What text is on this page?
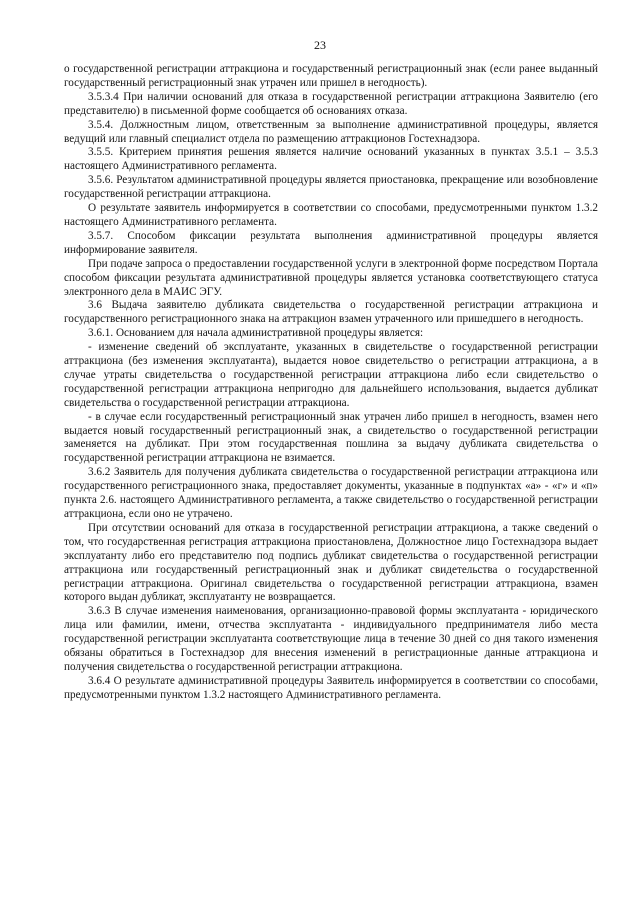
23

о государственной регистрации аттракциона и государственный регистрационный знак (если ранее выданный государственный регистрационный знак утрачен или пришел в негодность).

3.5.3.4 При наличии оснований для отказа в государственной регистрации аттракциона Заявителю (его представителю) в письменной форме сообщается об основаниях отказа.

3.5.4. Должностным лицом, ответственным за выполнение административной процедуры, является ведущий или главный специалист отдела по размещению аттракционов Гостехнадзора.

3.5.5. Критерием принятия решения является наличие оснований указанных в пунктах 3.5.1 – 3.5.3 настоящего Административного регламента.

3.5.6. Результатом административной процедуры является приостановка, прекращение или возобновление государственной регистрации аттракциона.

О результате заявитель информируется в соответствии со способами, предусмотренными пунктом 1.3.2 настоящего Административного регламента.

3.5.7. Способом фиксации результата выполнения административной процедуры является информирование заявителя.

При подаче запроса о предоставлении государственной услуги в электронной форме посредством Портала способом фиксации результата административной процедуры является установка соответствующего статуса электронного дела в МАИС ЭГУ.

3.6 Выдача заявителю дубликата свидетельства о государственной регистрации аттракциона и государственного регистрационного знака на аттракцион взамен утраченного или пришедшего в негодность.

3.6.1. Основанием для начала административной процедуры является:

- изменение сведений об эксплуатанте, указанных в свидетельстве о государственной регистрации аттракциона (без изменения эксплуатанта), выдается новое свидетельство о регистрации аттракциона, а в случае утраты свидетельства о государственной регистрации аттракциона либо если свидетельство о государственной регистрации аттракциона непригодно для дальнейшего использования, выдается дубликат свидетельства о государственной регистрации аттракциона.

- в случае если государственный регистрационный знак утрачен либо пришел в негодность, взамен него выдается новый государственный регистрационный знак, а свидетельство о государственной регистрации заменяется на дубликат. При этом государственная пошлина за выдачу дубликата свидетельства о государственной регистрации аттракциона не взимается.

3.6.2 Заявитель для получения дубликата свидетельства о государственной регистрации аттракциона или государственного регистрационного знака, предоставляет документы, указанные в подпунктах «а» - «г» и «п» пункта 2.6. настоящего Административного регламента, а также свидетельство о государственной регистрации аттракциона, если оно не утрачено.

При отсутствии оснований для отказа в государственной регистрации аттракциона, а также сведений о том, что государственная регистрация аттракциона приостановлена, Должностное лицо Гостехнадзора выдает эксплуатанту либо его представителю под подпись дубликат свидетельства о государственной регистрации аттракциона или государственный регистрационный знак и дубликат свидетельства о государственной регистрации аттракциона. Оригинал свидетельства о государственной регистрации аттракциона, взамен которого выдан дубликат, эксплуатанту не возвращается.

3.6.3 В случае изменения наименования, организационно-правовой формы эксплуатанта - юридического лица или фамилии, имени, отчества эксплуатанта - индивидуального предпринимателя либо места государственной регистрации эксплуатанта соответствующие лица в течение 30 дней со дня такого изменения обязаны обратиться в Гостехнадзор для внесения изменений в регистрационные данные аттракциона и получения свидетельства о государственной регистрации аттракциона.

3.6.4 О результате административной процедуры Заявитель информируется в соответствии со способами, предусмотренными пунктом 1.3.2 настоящего Административного регламента.
